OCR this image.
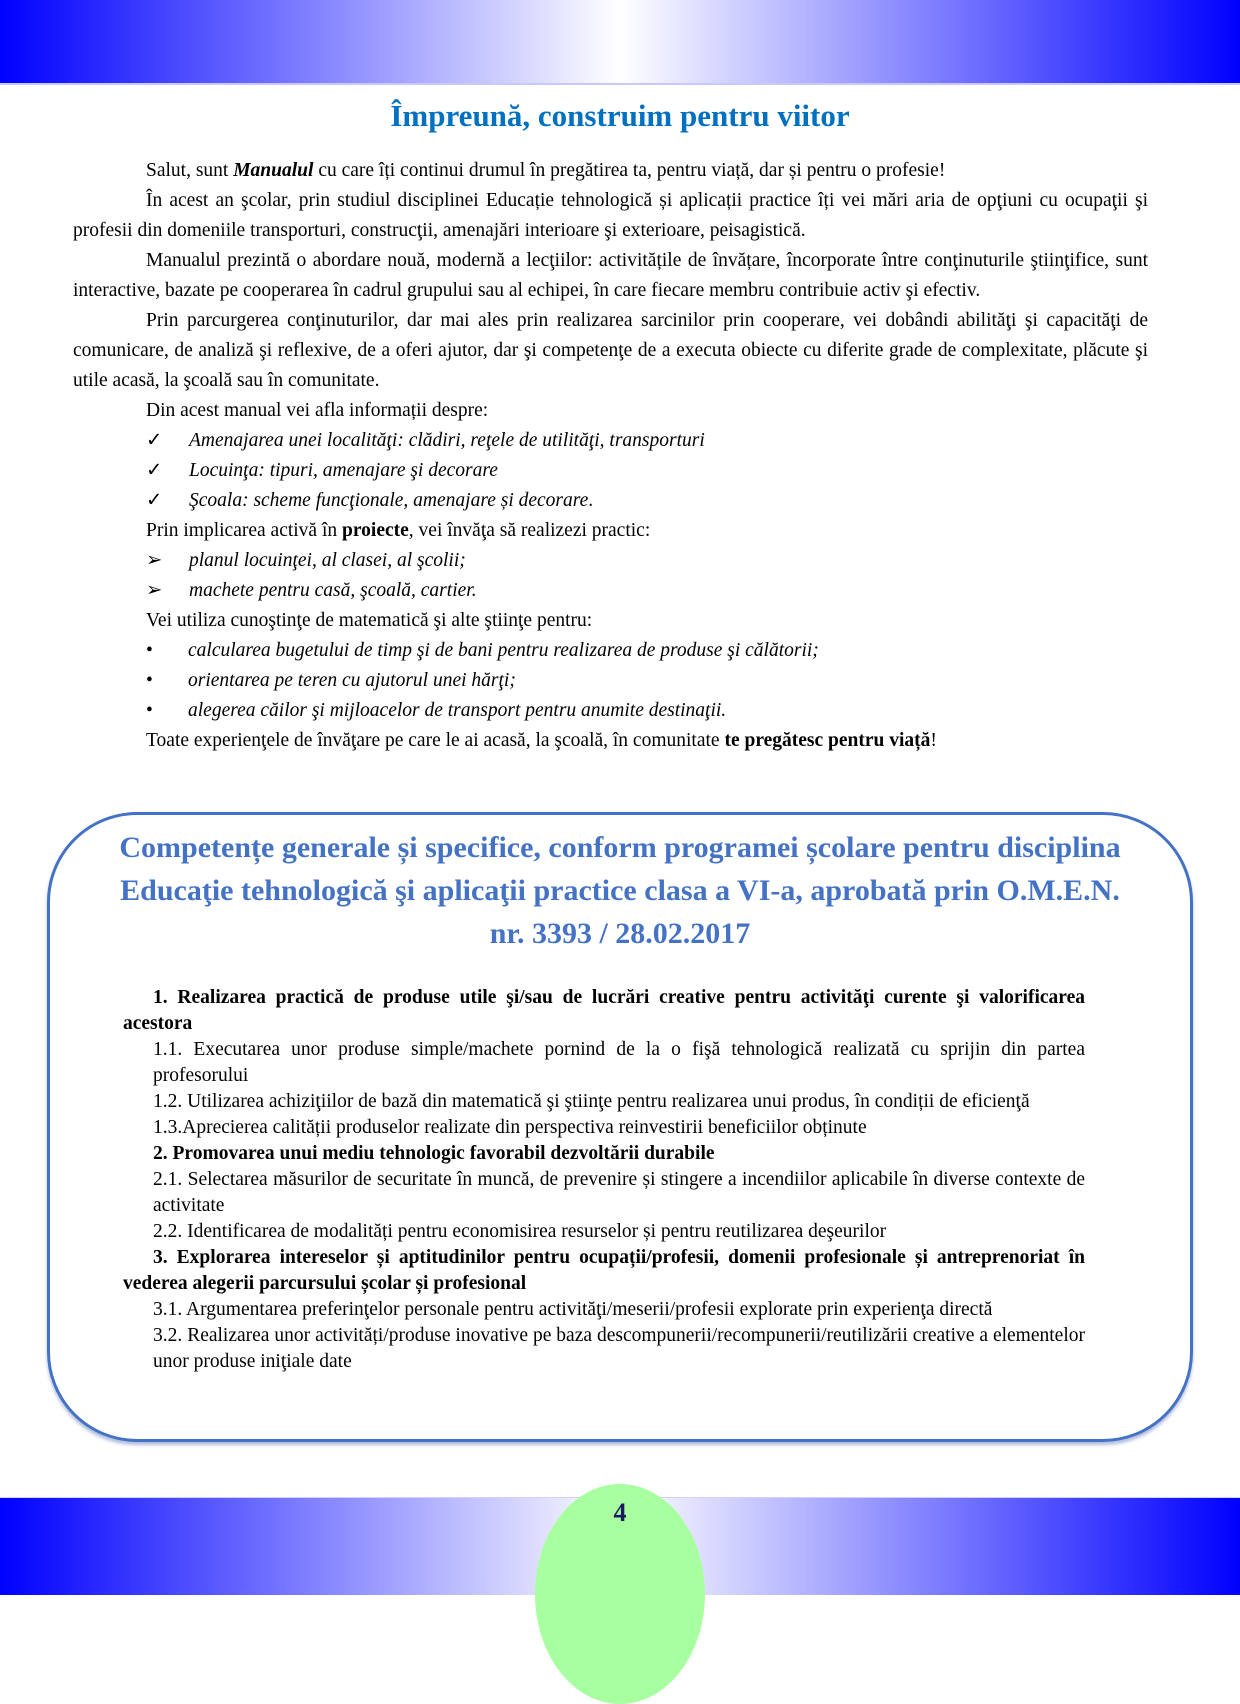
Împreună, construim pentru viitor

Salut, sunt Manualul cu care îți continui drumul în pregătirea ta, pentru viață, dar și pentru o profesie!

În acest an şcolar, prin studiul disciplinei Educație tehnologică și aplicații practice îți vei mări aria de opţiuni cu ocupaţii şi profesii din domeniile transporturi, construcţii, amenajări interioare şi exterioare, peisagistică.

Manualul prezintă o abordare nouă, modernă a lecţiilor: activitățile de învățare, încorporate între conţinuturile ştiinţifice, sunt interactive, bazate pe cooperarea în cadrul grupului sau al echipei, în care fiecare membru contribuie activ şi efectiv.

Prin parcurgerea conţinuturilor, dar mai ales prin realizarea sarcinilor prin cooperare, vei dobândi abilităţi şi capacităţi de comunicare, de analiză şi reflexive, de a oferi ajutor, dar şi competenţe de a executa obiecte cu diferite grade de complexitate, plăcute şi utile acasă, la şcoală sau în comunitate.

Din acest manual vei afla informații despre:

✓	Amenajarea unei localităţi: clădiri, reţele de utilităţi, transporturi
✓	Locuinţa: tipuri, amenajare şi decorare
✓	Şcoala: scheme funcţionale, amenajare și decorare.

Prin implicarea activă în proiecte, vei învăţa să realizezi practic:

➢	planul locuinţei, al clasei, al şcolii;
➢	machete pentru casă, şcoală, cartier.

Vei utiliza cunoştinţe de matematică şi alte ştiinţe pentru:

•	calcularea bugetului de timp şi de bani pentru realizarea de produse şi călătorii;
•	orientarea pe teren cu ajutorul unei hărţi;
•	alegerea căilor şi mijloacelor de transport pentru anumite destinaţii.

Toate experienţele de învăţare pe care le ai acasă, la şcoală, în comunitate te pregătesc pentru viață!

Competențe generale și specifice, conform programei școlare pentru disciplina Educaţie tehnologică şi aplicaţii practice clasa a VI-a, aprobată prin O.M.E.N. nr. 3393 / 28.02.2017

1. Realizarea practică de produse utile şi/sau de lucrări creative pentru activităţi curente şi valorificarea acestora

1.1. Executarea unor produse simple/machete pornind de la o fişă tehnologică realizată cu sprijin din partea profesorului

1.2. Utilizarea achiziţiilor de bază din matematică şi ştiinţe pentru realizarea unui produs, în condiții de eficienţă

1.3.Aprecierea calității produselor realizate din perspectiva reinvestirii beneficiilor obținute

2. Promovarea unui mediu tehnologic favorabil dezvoltării durabile

2.1. Selectarea măsurilor de securitate în muncă, de prevenire și stingere a incendiilor aplicabile în diverse contexte de activitate

2.2. Identificarea de modalități pentru economisirea resurselor și pentru reutilizarea deşeurilor

3. Explorarea intereselor și aptitudinilor pentru ocupații/profesii, domenii profesionale și antreprenoriat în vederea alegerii parcursului școlar și profesional

3.1. Argumentarea preferinţelor personale pentru activităţi/meserii/profesii explorate prin experienţa directă

3.2. Realizarea unor activități/produse inovative pe baza descompunerii/recompunerii/reutilizării creative a elementelor unor produse iniţiale date

4
